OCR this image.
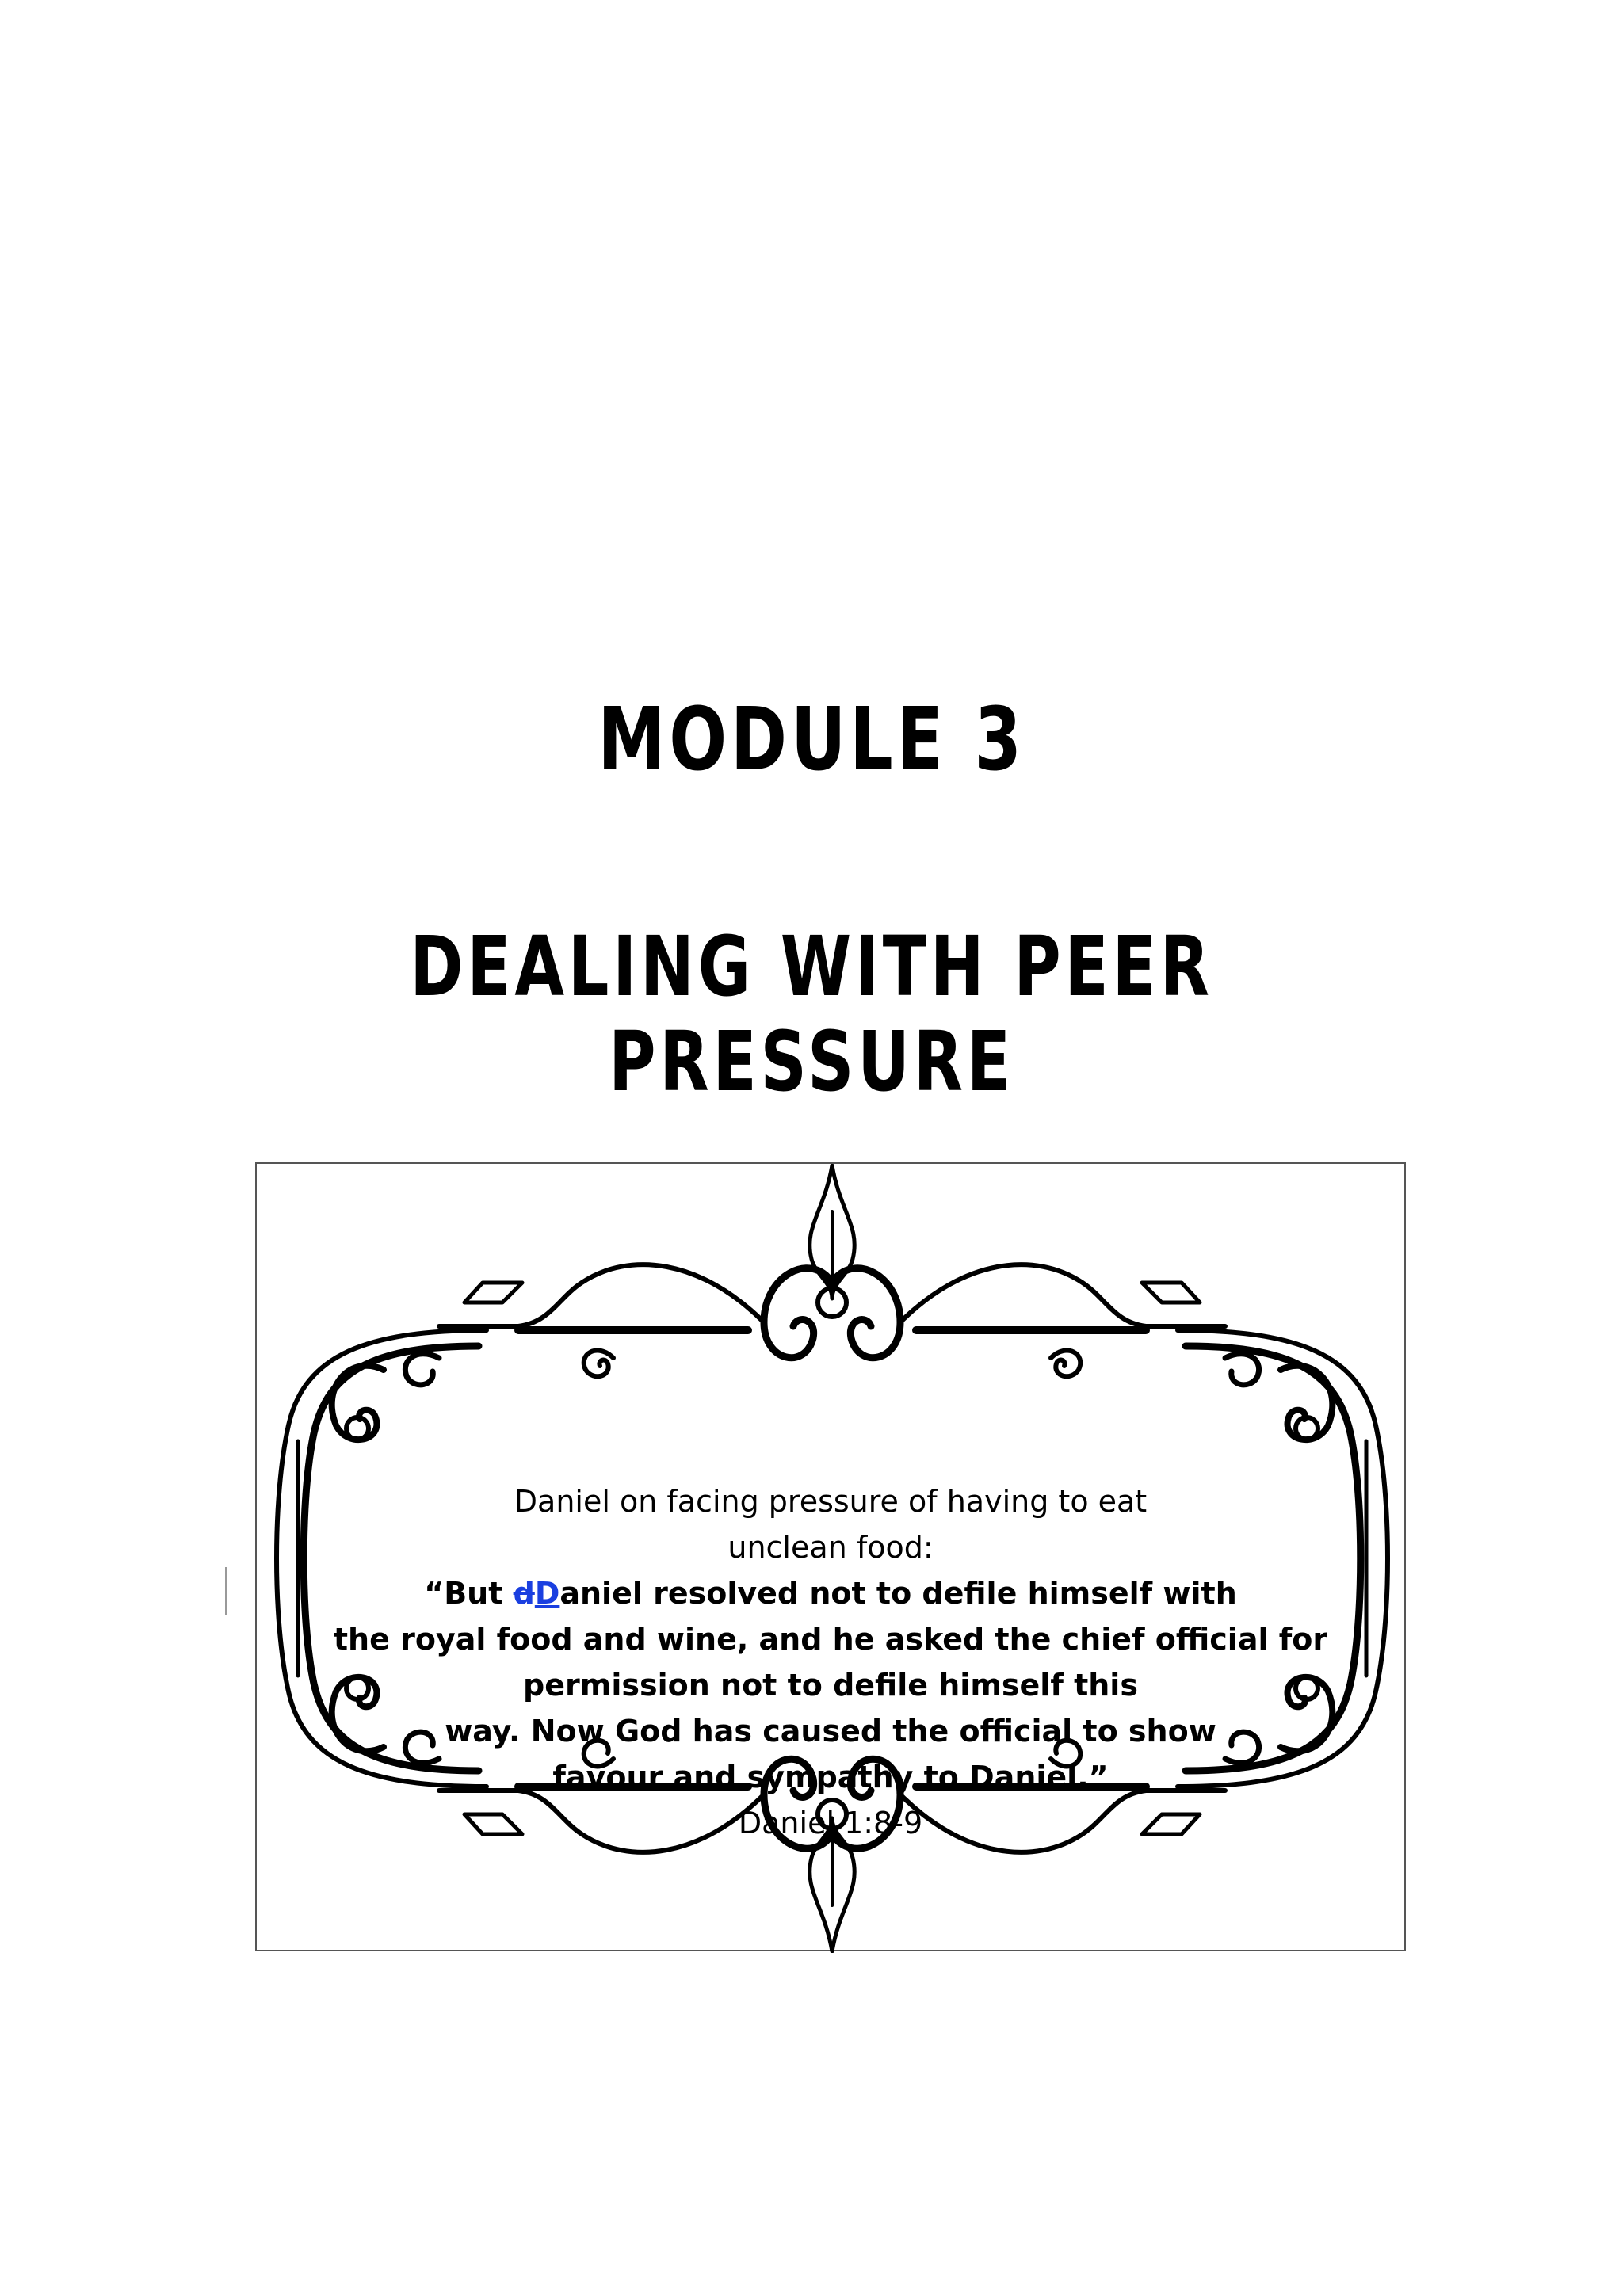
MODULE 3
DEALING WITH PEER
PRESSURE
Daniel on facing pressure of having to eat
unclean food:
“But dDaniel resolved not to defile himself with
the royal food and wine, and he asked the chief official for
permission not to defile himself this
way. Now God has caused the official to show
favour and sympathy to Daniel.”
Daniel 1:8-9
